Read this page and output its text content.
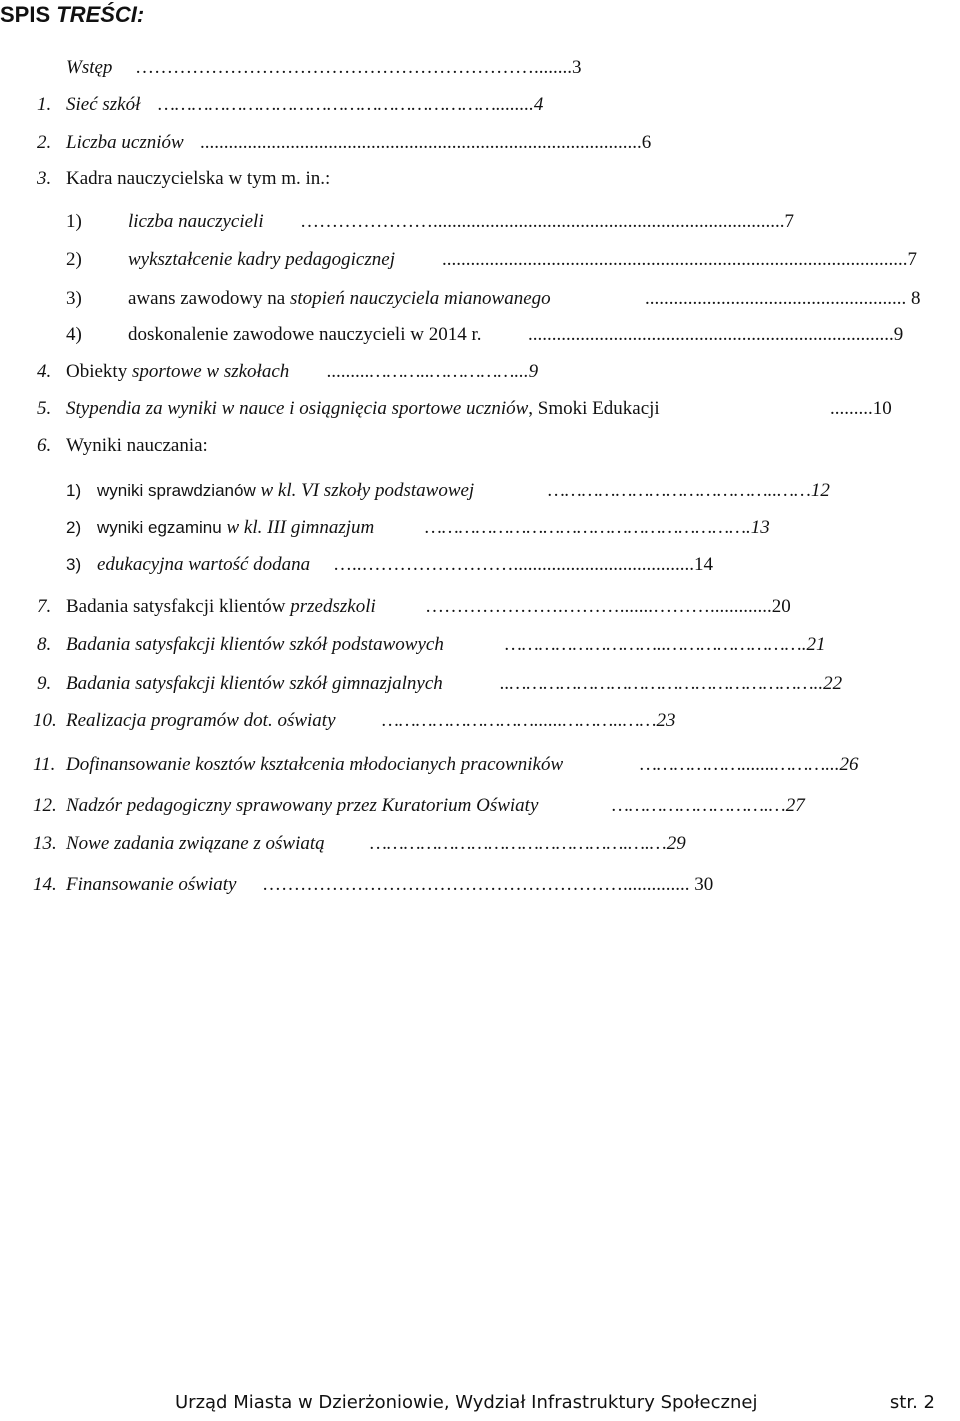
SPIS TREŚCI:
Wstęp ………………………………………………………........3
1. Sieć szkół ……………………………………………………........4
2. Liczba uczniów .............................................................................................6
3. Kadra nauczycielska w tym m. in.:
1) liczba nauczycieli …………………..........................................................................7
2) wykształcenie kadry pedagogicznej ..................................................................................................7
3) awans zawodowy na stopień nauczyciela mianowanego	....................................................... 8
4) doskonalenie zawodowe nauczycieli w 2014 r. .............................................................................9
4. Obiekty sportowe w szkołach .........………..……………...9
5. Stypendia za wyniki w nauce i osiągnięcia sportowe uczniów, Smoki Edukacji	.........10
6. Wyniki nauczania:
1) wyniki sprawdzianów w kl. VI szkoły podstawowej	…………………………………..……12
2) wyniki egzaminu w kl. III gimnazjum	………………………………………………….13
3) edukacyjna wartość dodana …..……………………......................................14
7. Badania satysfakcji klientów przedszkoli	………………….……….......……….............20
8. Badania satysfakcji klientów szkół podstawowych	………………………..…………………….21
9. Badania satysfakcji klientów szkół gimnazjalnych	..………………………………………………..22
10. Realizacja programów dot. oświaty ………………………......………..……23
11. Dofinansowanie kosztów kształcenia młodocianych pracowników	……………….......………...26
12. Nadzór pedagogiczny sprawowany przez Kuratorium Oświaty	……………………….…27
13. Nowe zadania związane z oświatą ……………………………………….….…29
14. Finansowanie oświaty ………………………………………………….............. 30
Urząd Miasta w Dzierżoniowie, Wydział Infrastruktury Społecznej	str. 2
